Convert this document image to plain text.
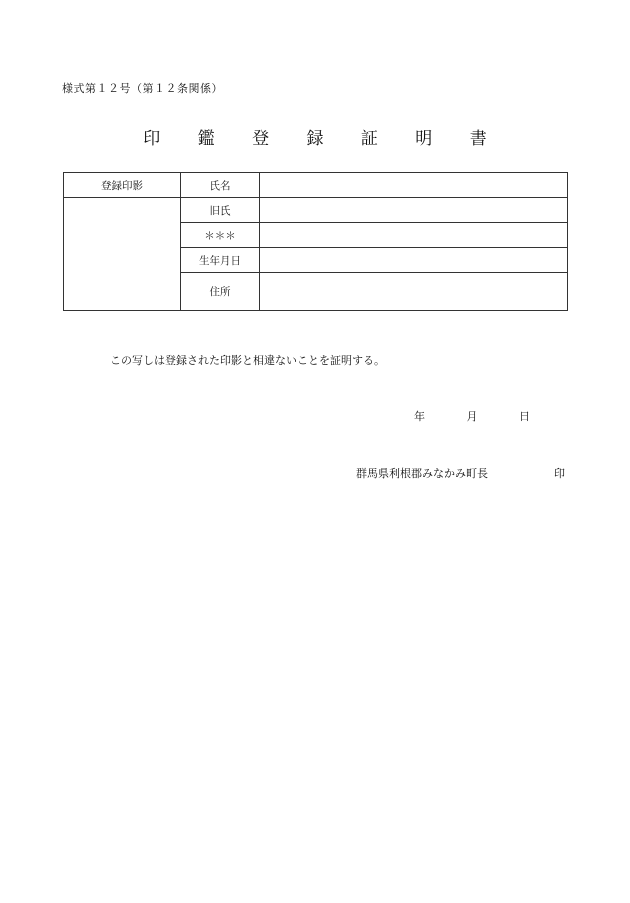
様式第１２号（第１２条関係）
印 鑑 登 録 証 明 書
登録印影	氏名	
	旧氏	
	＊＊＊	
	生年月日	
	住所	
この写しは登録された印影と相違ないことを証明する。
年	月	日
群馬県利根郡みなかみ町長	印
